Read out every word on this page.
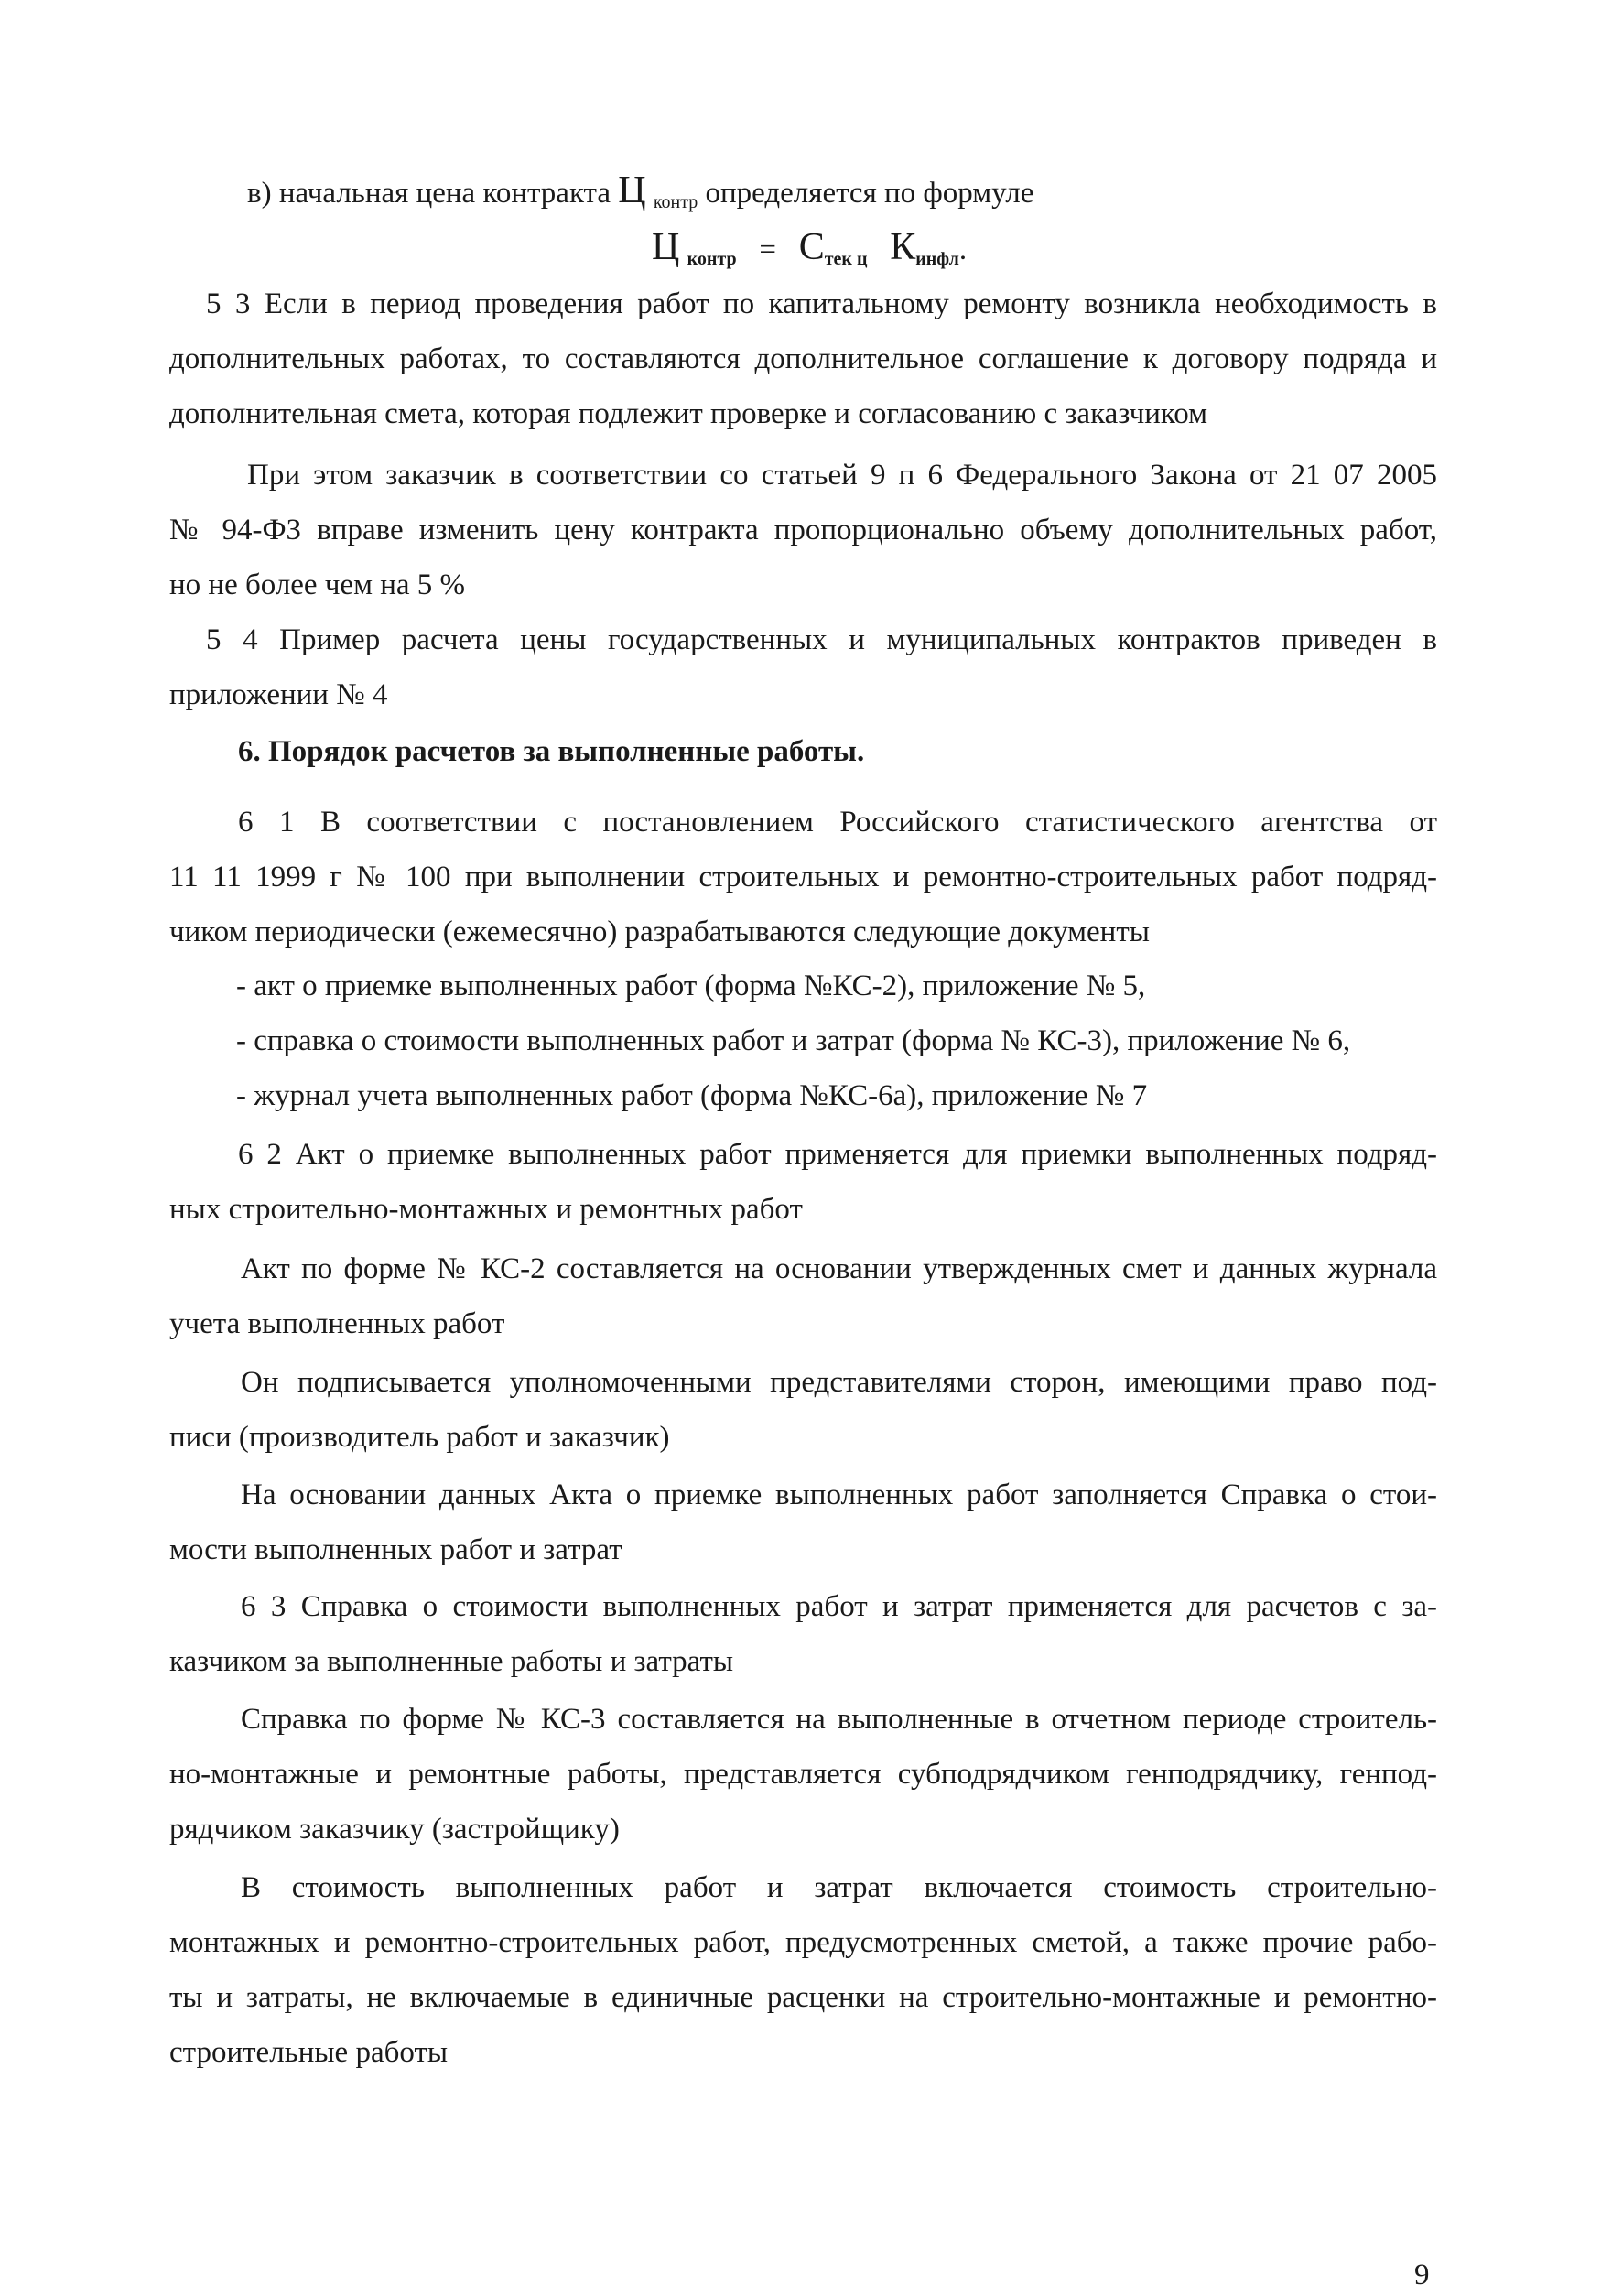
в) начальная цена контракта Ц $_{контр}$ определяется по формуле

Ц $_{контр} = С_{тек ц}$ $К_{инфл}$.

5 3 Если в период проведения работ по капитальному ремонту возникла необходимость в

дополнительных работах, то составляются дополнительное соглашение к договору подряда и

дополнительная смета, которая подлежит проверке и согласованию с заказчиком

При этом заказчик в соответствии со статьей 9 п 6 Федерального Закона от 21 07 2005

№ 94-ФЗ вправе изменить цену контракта пропорционально объему дополнительных работ,

но не более чем на 5 %

5 4 Пример расчета цены государственных и муниципальных контрактов приведен в

приложении № 4

6. Порядок расчетов за выполненные работы.

6 1 В соответствии с постановлением Российского статистического агентства от

11 11 1999 г № 100 при выполнении строительных и ремонтно-строительных работ подряд-

чиком периодически (ежемесячно) разрабатываются следующие документы

- акт о приемке выполненных работ (форма №КС-2), приложение № 5,

- справка о стоимости выполненных работ и затрат (форма № КС-3), приложение № 6,

- журнал учета выполненных работ (форма №КС-6а), приложение № 7

6 2 Акт о приемке выполненных работ применяется для приемки выполненных подряд-

ных строительно-монтажных и ремонтных работ

Акт по форме № КС-2 составляется на основании утвержденных смет и данных журнала

учета выполненных работ

Он подписывается уполномоченными представителями сторон, имеющими право под-

писи (производитель работ и заказчик)

На основании данных Акта о приемке выполненных работ заполняется Справка о стои-

мости выполненных работ и затрат

6 3 Справка о стоимости выполненных работ и затрат применяется для расчетов с за-

казчиком за выполненные работы и затраты

Справка по форме № КС-3 составляется на выполненные в отчетном периоде строитель-

но-монтажные и ремонтные работы, представляется субподрядчиком генподрядчику, генпод-

рядчиком заказчику (застройщику)

В стоимость выполненных работ и затрат включается стоимость строительно-

монтажных и ремонтно-строительных работ, предусмотренных сметой, а также прочие рабо-

ты и затраты, не включаемые в единичные расценки на строительно-монтажные и ремонтно-

строительные работы

9
